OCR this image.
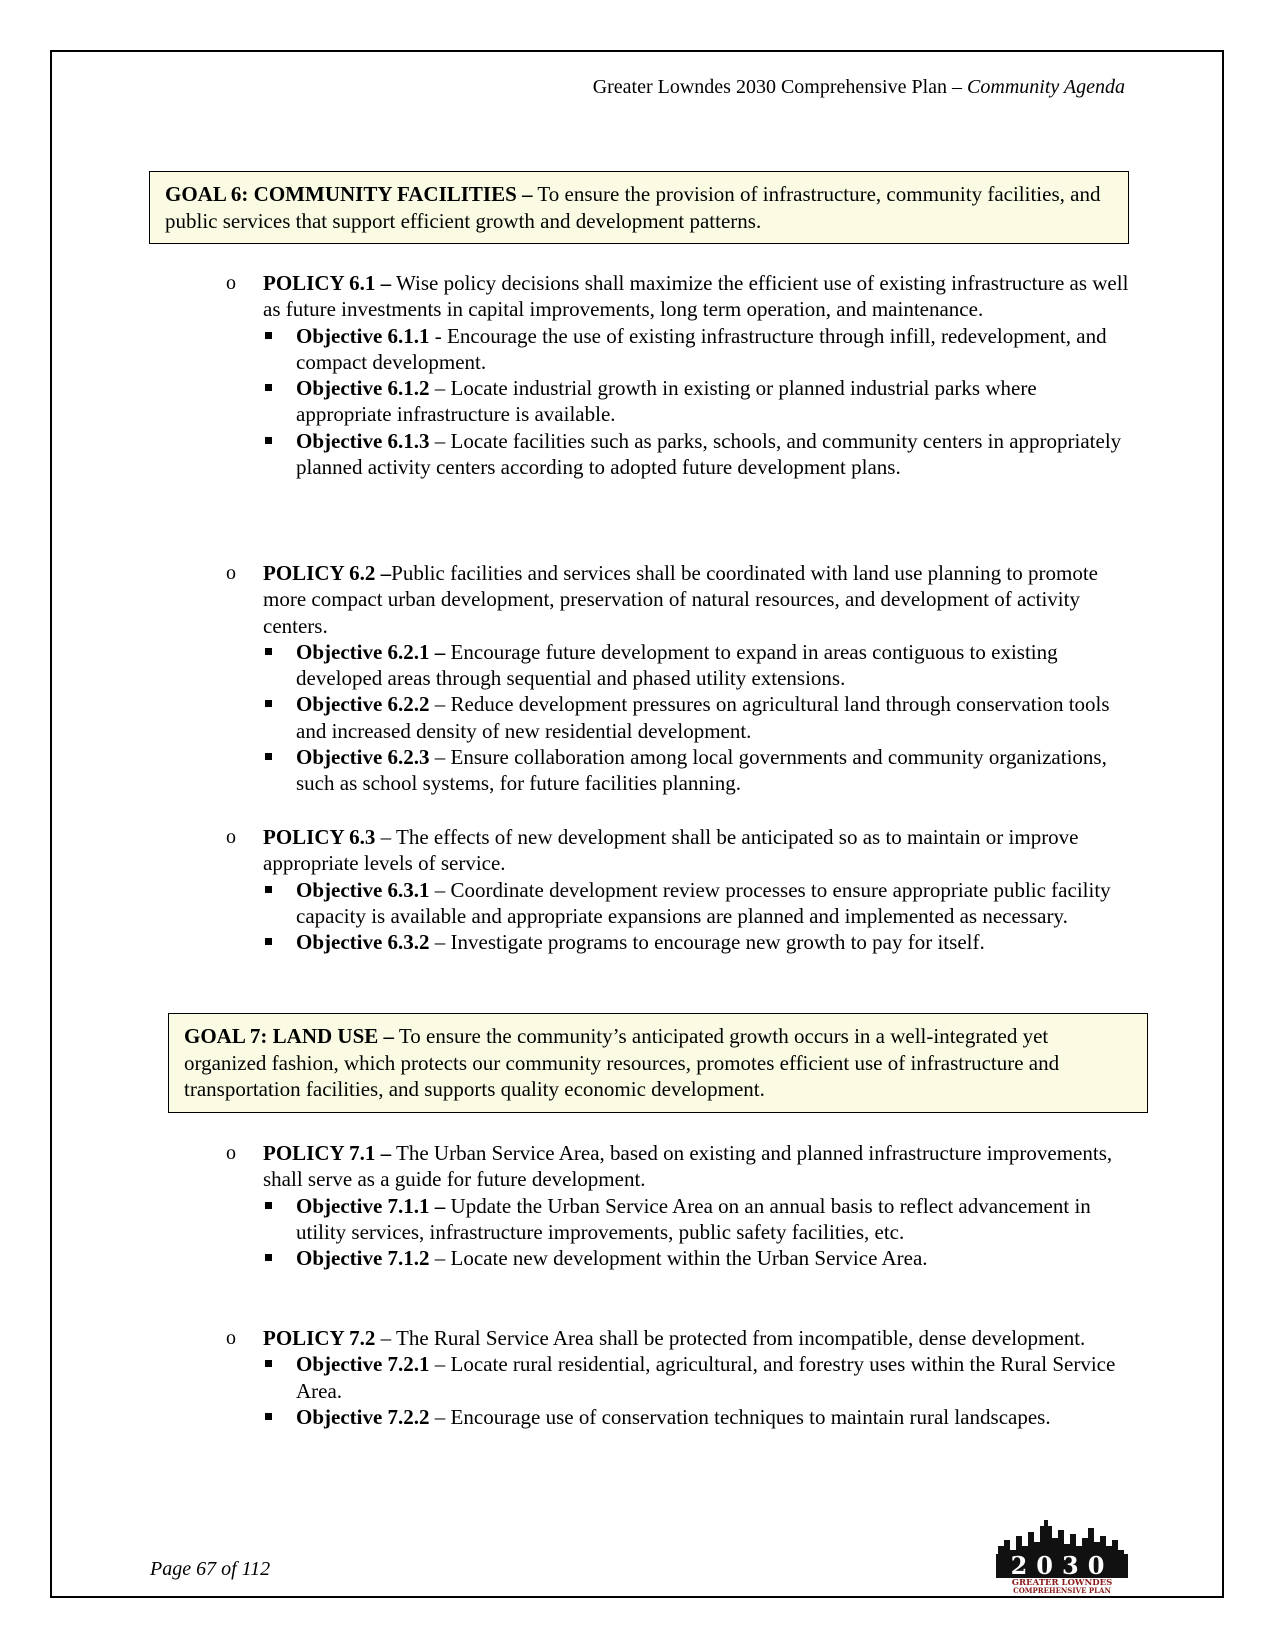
Greater Lowndes 2030 Comprehensive Plan – Community Agenda
GOAL 6: COMMUNITY FACILITIES – To ensure the provision of infrastructure, community facilities, and public services that support efficient growth and development patterns.
o POLICY 6.1 – Wise policy decisions shall maximize the efficient use of existing infrastructure as well as future investments in capital improvements, long term operation, and maintenance.
Objective 6.1.1 - Encourage the use of existing infrastructure through infill, redevelopment, and compact development.
Objective 6.1.2 – Locate industrial growth in existing or planned industrial parks where appropriate infrastructure is available.
Objective 6.1.3 – Locate facilities such as parks, schools, and community centers in appropriately planned activity centers according to adopted future development plans.
o POLICY 6.2 –Public facilities and services shall be coordinated with land use planning to promote more compact urban development, preservation of natural resources, and development of activity centers.
Objective 6.2.1 – Encourage future development to expand in areas contiguous to existing developed areas through sequential and phased utility extensions.
Objective 6.2.2 – Reduce development pressures on agricultural land through conservation tools and increased density of new residential development.
Objective 6.2.3 – Ensure collaboration among local governments and community organizations, such as school systems, for future facilities planning.
o POLICY 6.3 – The effects of new development shall be anticipated so as to maintain or improve appropriate levels of service.
Objective 6.3.1 – Coordinate development review processes to ensure appropriate public facility capacity is available and appropriate expansions are planned and implemented as necessary.
Objective 6.3.2 – Investigate programs to encourage new growth to pay for itself.
GOAL 7: LAND USE – To ensure the community’s anticipated growth occurs in a well-integrated yet organized fashion, which protects our community resources, promotes efficient use of infrastructure and transportation facilities, and supports quality economic development.
o POLICY 7.1 – The Urban Service Area, based on existing and planned infrastructure improvements, shall serve as a guide for future development.
Objective 7.1.1 – Update the Urban Service Area on an annual basis to reflect advancement in utility services, infrastructure improvements, public safety facilities, etc.
Objective 7.1.2 – Locate new development within the Urban Service Area.
o POLICY 7.2 – The Rural Service Area shall be protected from incompatible, dense development.
Objective 7.2.1 – Locate rural residential, agricultural, and forestry uses within the Rural Service Area.
Objective 7.2.2 – Encourage use of conservation techniques to maintain rural landscapes.
Page 67 of 112	2030
GREATER LOWNDES
COMPREHENSIVE PLAN
